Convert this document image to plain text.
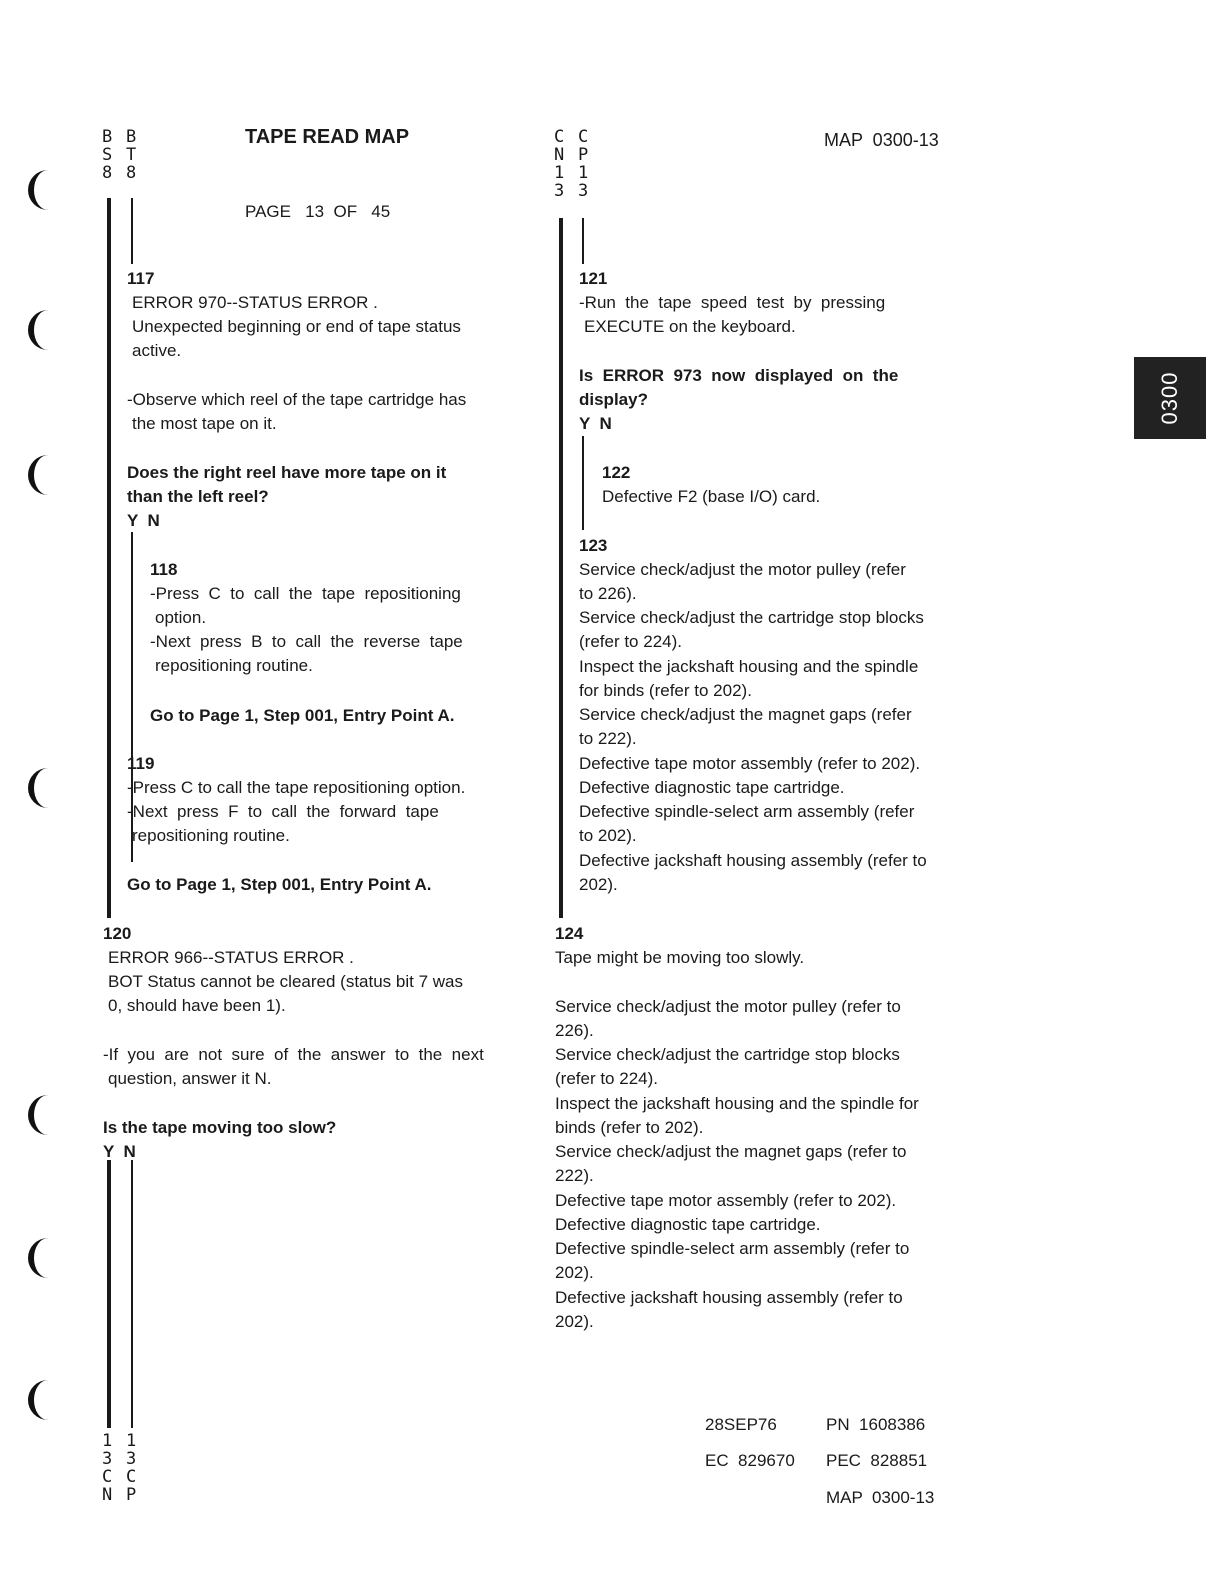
0300
B
S
8
B
T
8
TAPE READ MAP
PAGE   13  OF   45
C
N
1
3
C
P
1
3
MAP  0300-13
117
ERROR 970--STATUS ERROR .
Unexpected beginning or end of tape status
active.
-Observe which reel of the tape cartridge has
the most tape on it.
Does the right reel have more tape on it
than the left reel?
Y  N
118
-Press  C  to  call  the  tape  repositioning
option.
-Next  press  B  to  call  the  reverse  tape
repositioning routine.
Go to Page 1, Step 001, Entry Point A.
119
-Press C to call the tape repositioning option.
-Next  press  F  to  call  the  forward  tape
repositioning routine.
Go to Page 1, Step 001, Entry Point A.
120
ERROR 966--STATUS ERROR .
BOT Status cannot be cleared (status bit 7 was
0, should have been 1).
-If  you  are  not  sure  of  the  answer  to  the  next
question, answer it N.
Is the tape moving too slow?
Y  N
1
3
C
N
1
3
C
P
121
-Run  the  tape  speed  test  by  pressing
EXECUTE on the keyboard.
Is  ERROR  973  now  displayed  on  the
display?
Y  N
122
Defective F2 (base I/O) card.
123
Service check/adjust the motor pulley (refer
to 226).
Service check/adjust the cartridge stop blocks
(refer to 224).
Inspect the jackshaft housing and the spindle
for binds (refer to 202).
Service check/adjust the magnet gaps (refer
to 222).
Defective tape motor assembly (refer to 202).
Defective diagnostic tape cartridge.
Defective spindle-select arm assembly (refer
to 202).
Defective jackshaft housing assembly (refer to
202).
124
Tape might be moving too slowly.
Service check/adjust the motor pulley (refer to
226).
Service check/adjust the cartridge stop blocks
(refer to 224).
Inspect the jackshaft housing and the spindle for
binds (refer to 202).
Service check/adjust the magnet gaps (refer to
222).
Defective tape motor assembly (refer to 202).
Defective diagnostic tape cartridge.
Defective spindle-select arm assembly (refer to
202).
Defective jackshaft housing assembly (refer to
202).
28SEP76	PN  1608386
EC  829670 PEC  828851
MAP  0300-13
